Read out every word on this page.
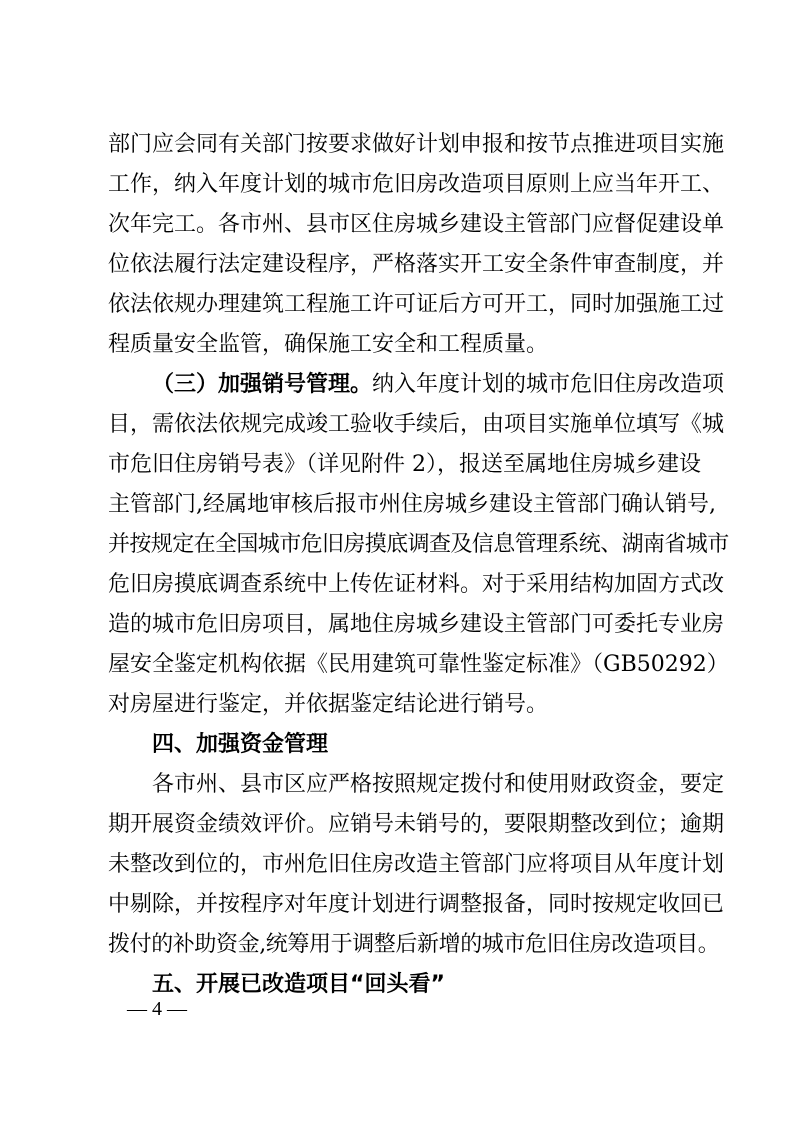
部门应会同有关部门按要求做好计划申报和按节点推进项目实施
工作，纳入年度计划的城市危旧房改造项目原则上应当年开工、
次年完工。各市州、县市区住房城乡建设主管部门应督促建设单
位依法履行法定建设程序，严格落实开工安全条件审查制度，并
依法依规办理建筑工程施工许可证后方可开工，同时加强施工过
程质量安全监管，确保施工安全和工程质量。
（三）加强销号管理。纳入年度计划的城市危旧住房改造项
目，需依法依规完成竣工验收手续后，由项目实施单位填写《城
市危旧住房销号表》（详见附件 2），报送至属地住房城乡建设
主管部门,经属地审核后报市州住房城乡建设主管部门确认销号,
并按规定在全国城市危旧房摸底调查及信息管理系统、湖南省城市
危旧房摸底调查系统中上传佐证材料。对于采用结构加固方式改
造的城市危旧房项目，属地住房城乡建设主管部门可委托专业房
屋安全鉴定机构依据《民用建筑可靠性鉴定标准》（GB50292）
对房屋进行鉴定，并依据鉴定结论进行销号。
四、加强资金管理
各市州、县市区应严格按照规定拨付和使用财政资金，要定
期开展资金绩效评价。应销号未销号的，要限期整改到位；逾期
未整改到位的，市州危旧住房改造主管部门应将项目从年度计划
中剔除，并按程序对年度计划进行调整报备，同时按规定收回已
拨付的补助资金,统筹用于调整后新增的城市危旧住房改造项目。
五、开展已改造项目“回头看”
— 4 —
